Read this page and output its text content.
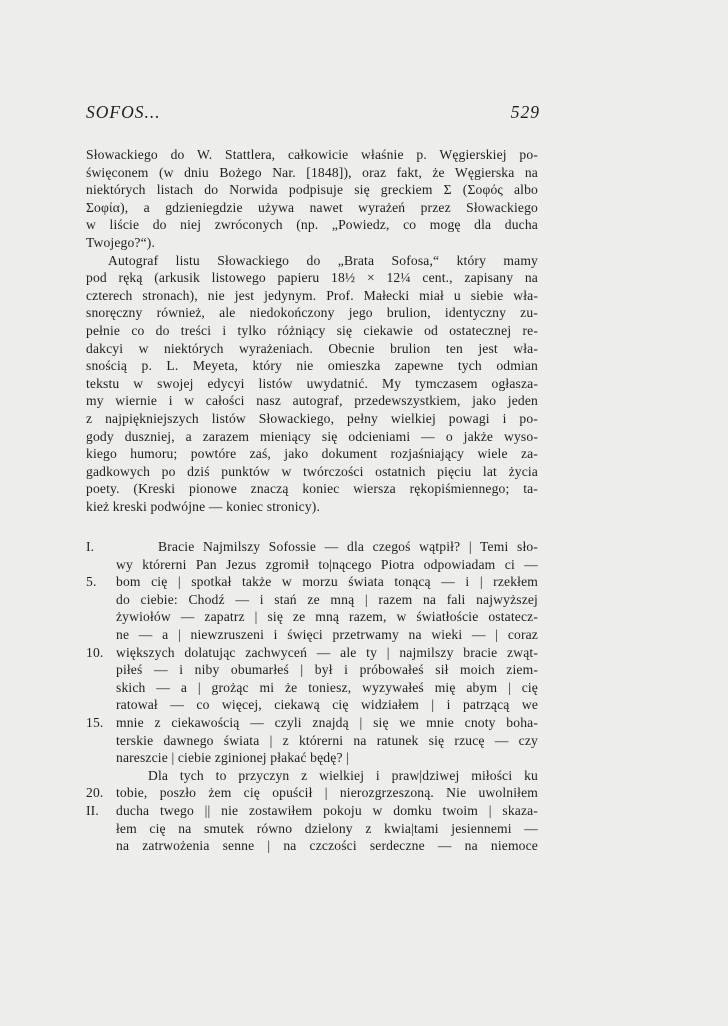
SOFOS...	529

Słowackiego do W. Stattlera, całkowicie właśnie p. Węgierskiej po-

święconem (w dniu Bożego Nar. [1848]), oraz fakt, że Węgierska na

niektórych listach do Norwida podpisuje się greckiem Σ (Σοφός albo

Σοφία), a gdzieniegdzie używa nawet wyrażeń przez Słowackiego

w liście do niej zwróconych (np. „Powiedz, co mogę dla ducha

Twojego?“).

Autograf listu Słowackiego do „Brata Sofosa,“ który mamy

pod ręką (arkusik listowego papieru 18½ × 12¼ cent., zapisany na

czterech stronach), nie jest jedynym. Prof. Małecki miał u siebie wła-

snoręczny również, ale niedokończony jego brulion, identyczny zu-

pełnie co do treści i tylko różniący się ciekawie od ostatecznej re-

dakcyi w niektórych wyrażeniach. Obecnie brulion ten jest wła-

snością p. L. Meyeta, który nie omieszka zapewne tych odmian

tekstu w swojej edycyi listów uwydatnić. My tymczasem ogłasza-

my wiernie i w całości nasz autograf, przedewszystkiem, jako jeden

z najpiękniejszych listów Słowackiego, pełny wielkiej powagi i po-

gody duszniej, a zarazem mieniący się odcieniami — o jakże wyso-

kiego humoru; powtóre zaś, jako dokument rozjaśniający wiele za-

gadkowych po dziś punktów w twórczości ostatnich pięciu lat życia

poety. (Kreski pionowe znaczą koniec wiersza rękopiśmiennego; ta-

kież kreski podwójne — koniec stronicy).

I.	Bracie Najmilszy Sofossie — dla czegoś wątpił? | Temi sło-
wy którerni Pan Jezus zgromił to|nącego Piotra odpowiadam ci —
5.	bom cię | spotkał także w morzu świata tonącą — i | rzekłem
do ciebie: Chodź — i stań ze mną | razem na fali najwyższej
żywiołów — zapatrz | się ze mną razem, w światłoście ostatecz-
ne — a | niewzruszeni i święci przetrwamy na wieki — | coraz
10. większych dolatując zachwyceń — ale ty | najmilszy bracie zwąt-
piłeś — i niby obumarłeś | był i próbowałeś sił moich ziem-
skich — a | grożąc mi że toniesz, wyzywałeś mię abym | cię
ratował — co więcej, ciekawą cię widziałem | i patrzącą we
15. mnie z ciekawością — czyli znajdą | się we mnie cnoty boha-
terskie dawnego świata | z którerni na ratunek się rzucę — czy
nareszcie | ciebie zginionej płakać będę? |
Dla tych to przyczyn z wielkiej i praw|dziwej miłości ku
20. tobie, poszło żem cię opuścił | nierozgrzeszoną. Nie uwolniłem
II.	ducha twego || nie zostawiłem pokoju w domku twoim | skaza-
łem cię na smutek równo dzielony z kwia|tami jesiennemi —
na zatrwożenia senne | na czczości serdeczne — na niemoce
